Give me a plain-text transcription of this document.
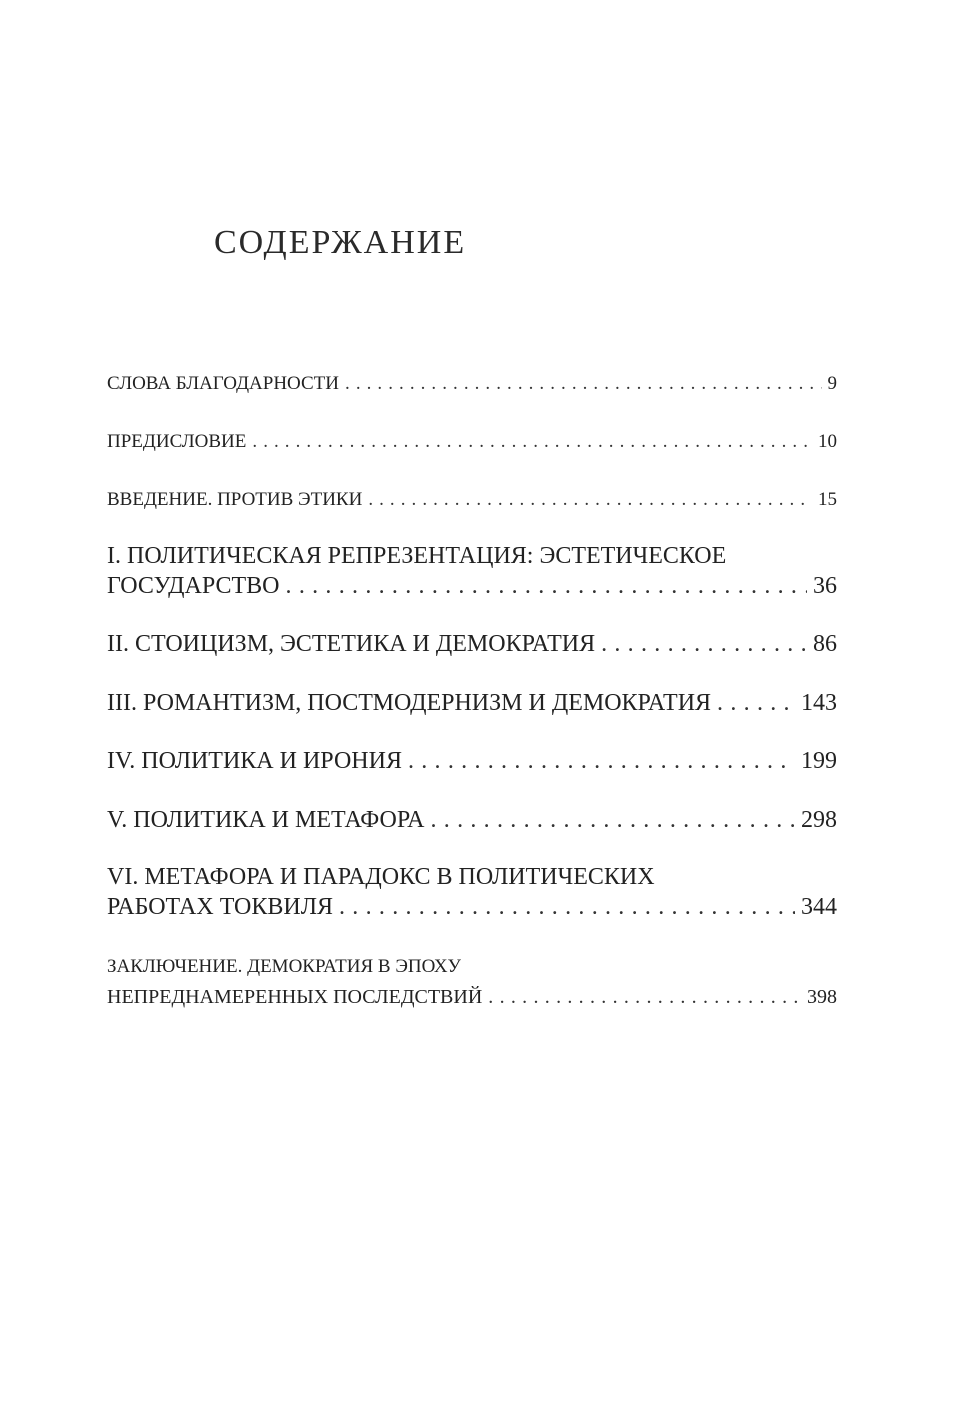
СОДЕРЖАНИЕ
СЛОВА БЛАГОДАРНОСТИ . . .	9
ПРЕДИСЛОВИЕ . . .	10
ВВЕДЕНИЕ. ПРОТИВ ЭТИКИ . . .	15
I. ПОЛИТИЧЕСКАЯ РЕПРЕЗЕНТАЦИЯ: ЭСТЕТИЧЕСКОЕ
ГОСУДАРСТВО . . .	36
II. СТОИЦИЗМ, ЭСТЕТИКА И ДЕМОКРАТИЯ . . .	86
III. РОМАНТИЗМ, ПОСТМОДЕРНИЗМ И ДЕМОКРАТИЯ . . .	143
IV. ПОЛИТИКА И ИРОНИЯ . . .	199
V. ПОЛИТИКА И МЕТАФОРА . . .	298
VI. МЕТАФОРА И ПАРАДОКС В ПОЛИТИЧЕСКИХ
РАБОТАХ ТОКВИЛЯ . . .	344
ЗАКЛЮЧЕНИЕ. ДЕМОКРАТИЯ В ЭПОХУ
НЕПРЕДНАМЕРЕННЫХ ПОСЛЕДСТВИЙ . . .	398
